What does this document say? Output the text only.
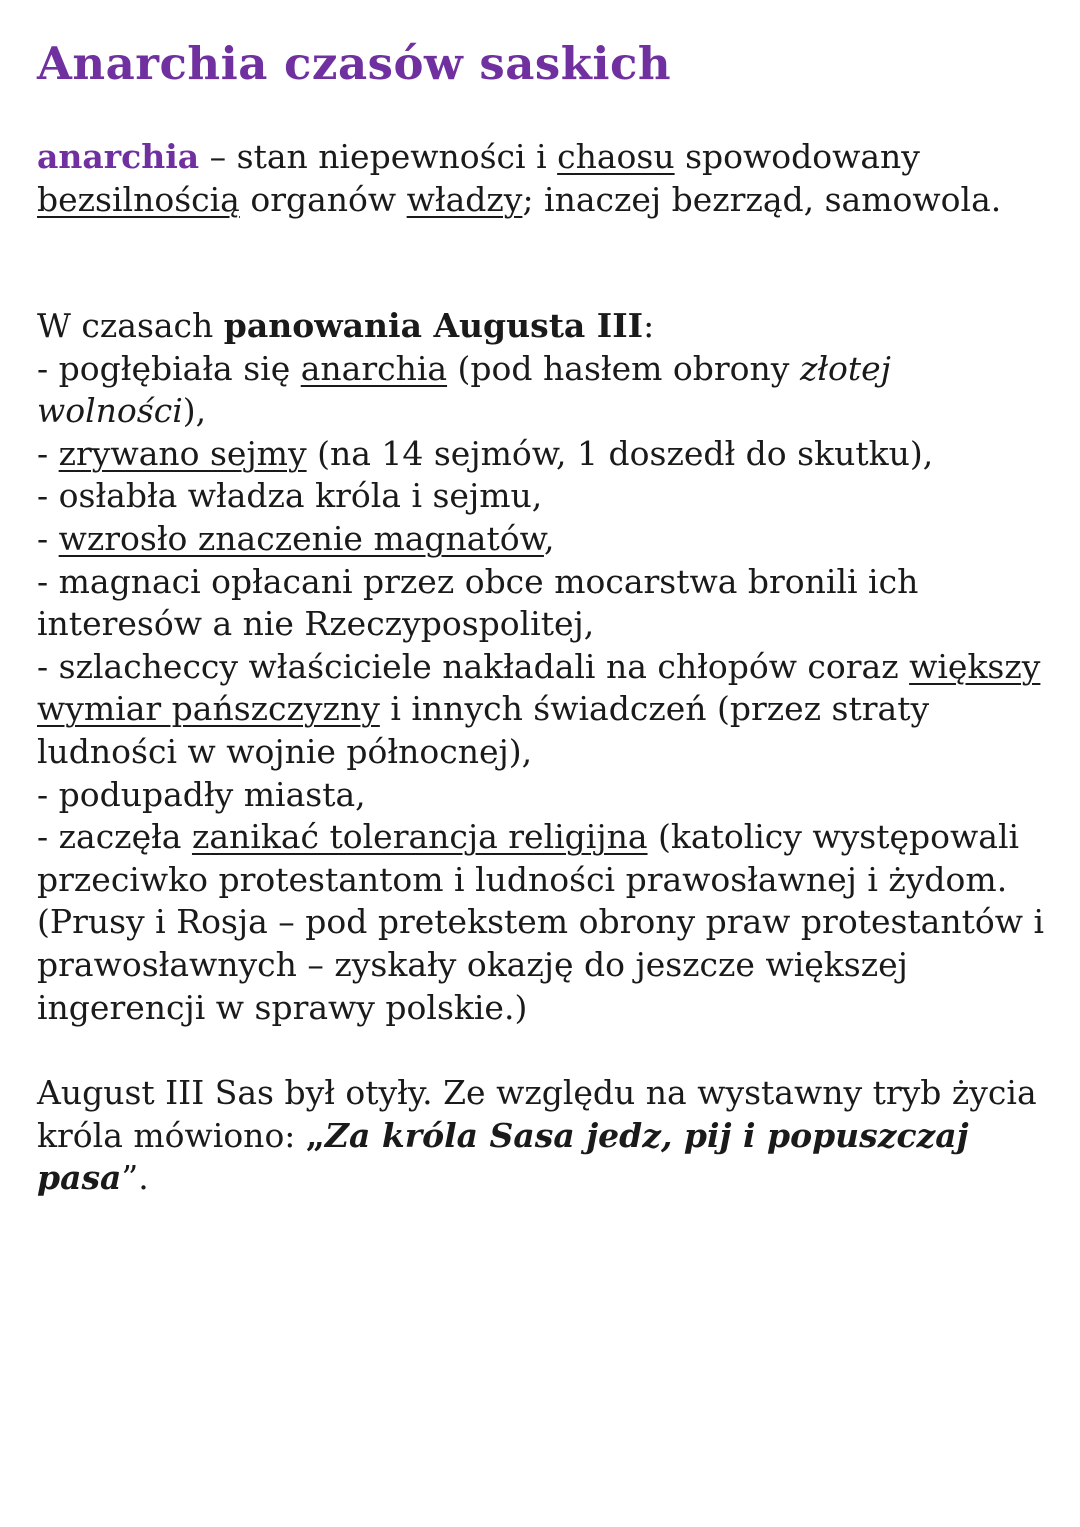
Anarchia czasów saskich

anarchia – stan niepewności i chaosu spowodowany bezsilnością organów władzy; inaczej bezrząd, samowola.

W czasach panowania Augusta III:

- pogłębiała się anarchia (pod hasłem obrony złotej wolności),

- zrywano sejmy (na 14 sejmów, 1 doszedł do skutku),

- osłabła władza króla i sejmu,

- wzrosło znaczenie magnatów,

- magnaci opłacani przez obce mocarstwa bronili ich interesów a nie Rzeczypospolitej,

- szlacheccy właściciele nakładali na chłopów coraz większy wymiar pańszczyzny i innych świadczeń (przez straty ludności w wojnie północnej),

- podupadły miasta,

- zaczęła zanikać tolerancja religijna (katolicy występowali przeciwko protestantom i ludności prawosławnej i żydom. (Prusy i Rosja – pod pretekstem obrony praw protestantów i prawosławnych – zyskały okazję do jeszcze większej ingerencji w sprawy polskie.)

August III Sas był otyły. Ze względu na wystawny tryb życia króla mówiono: „Za króla Sasa jedz, pij i popuszczaj pasa”.
